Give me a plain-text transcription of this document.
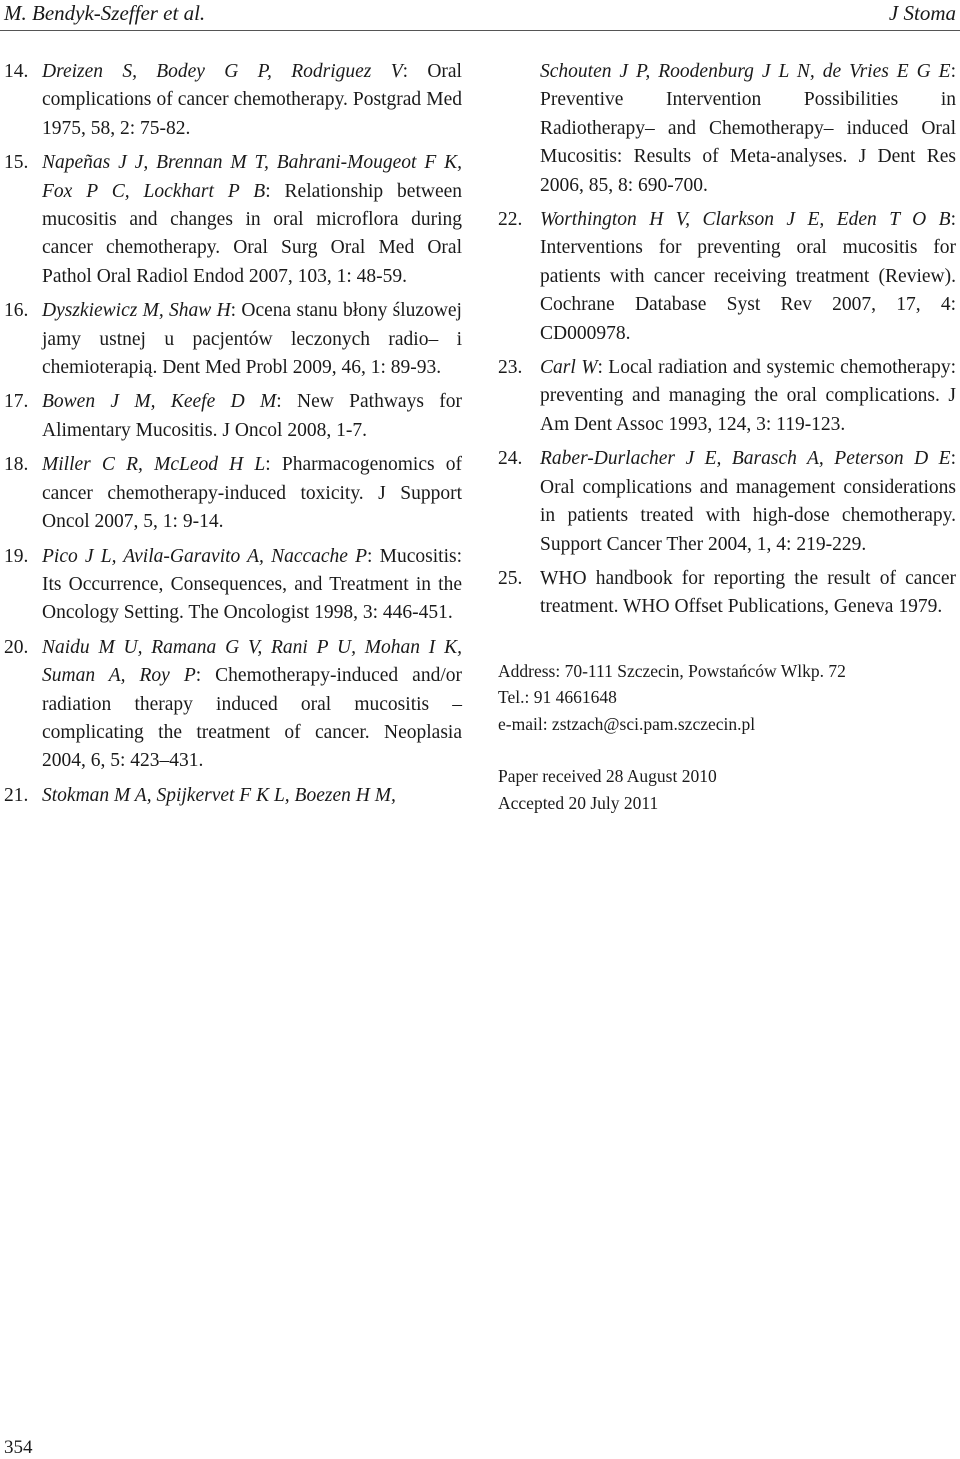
M. Bendyk-Szeffer et al.	J Stoma
14. Dreizen S, Bodey G P, Rodriguez V: Oral complications of cancer chemotherapy. Postgrad Med 1975, 58, 2: 75-82.
15. Napeñas J J, Brennan M T, Bahrani-Mougeot F K, Fox P C, Lockhart P B: Relationship between mucositis and changes in oral microflora during cancer chemotherapy. Oral Surg Oral Med Oral Pathol Oral Radiol Endod 2007, 103, 1: 48-59.
16. Dyszkiewicz M, Shaw H: Ocena stanu błony śluzowej jamy ustnej u pacjentów leczonych radio– i chemioterapią. Dent Med Probl 2009, 46, 1: 89-93.
17. Bowen J M, Keefe D M: New Pathways for Alimentary Mucositis. J Oncol 2008, 1-7.
18. Miller C R, McLeod H L: Pharmacogenomics of cancer chemotherapy-induced toxicity. J Support Oncol 2007, 5, 1: 9-14.
19. Pico J L, Avila-Garavito A, Naccache P: Mucositis: Its Occurrence, Consequences, and Treatment in the Oncology Setting. The Oncologist 1998, 3: 446-451.
20. Naidu M U, Ramana G V, Rani P U, Mohan I K, Suman A, Roy P: Chemotherapy-induced and/or radiation therapy induced oral mucositis – complicating the treatment of cancer. Neoplasia 2004, 6, 5: 423–431.
21. Stokman M A, Spijkervet F K L, Boezen H M,
Schouten J P, Roodenburg J L N, de Vries E G E: Preventive Intervention Possibilities in Radiotherapy– and Chemotherapy– induced Oral Mucositis: Results of Meta-analyses. J Dent Res 2006, 85, 8: 690-700.
22. Worthington H V, Clarkson J E, Eden T O B: Interventions for preventing oral mucositis for patients with cancer receiving treatment (Review). Cochrane Database Syst Rev 2007, 17, 4: CD000978.
23. Carl W: Local radiation and systemic chemotherapy: preventing and managing the oral complications. J Am Dent Assoc 1993, 124, 3: 119-123.
24. Raber-Durlacher J E, Barasch A, Peterson D E: Oral complications and management considerations in patients treated with high-dose chemotherapy. Support Cancer Ther 2004, 1, 4: 219-229.
25. WHO handbook for reporting the result of cancer treatment. WHO Offset Publications, Geneva 1979.
Address: 70-111 Szczecin, Powstańców Wlkp. 72
Tel.: 91 4661648
e-mail: zstzach@sci.pam.szczecin.pl
Paper received 28 August 2010
Accepted 20 July 2011
354
